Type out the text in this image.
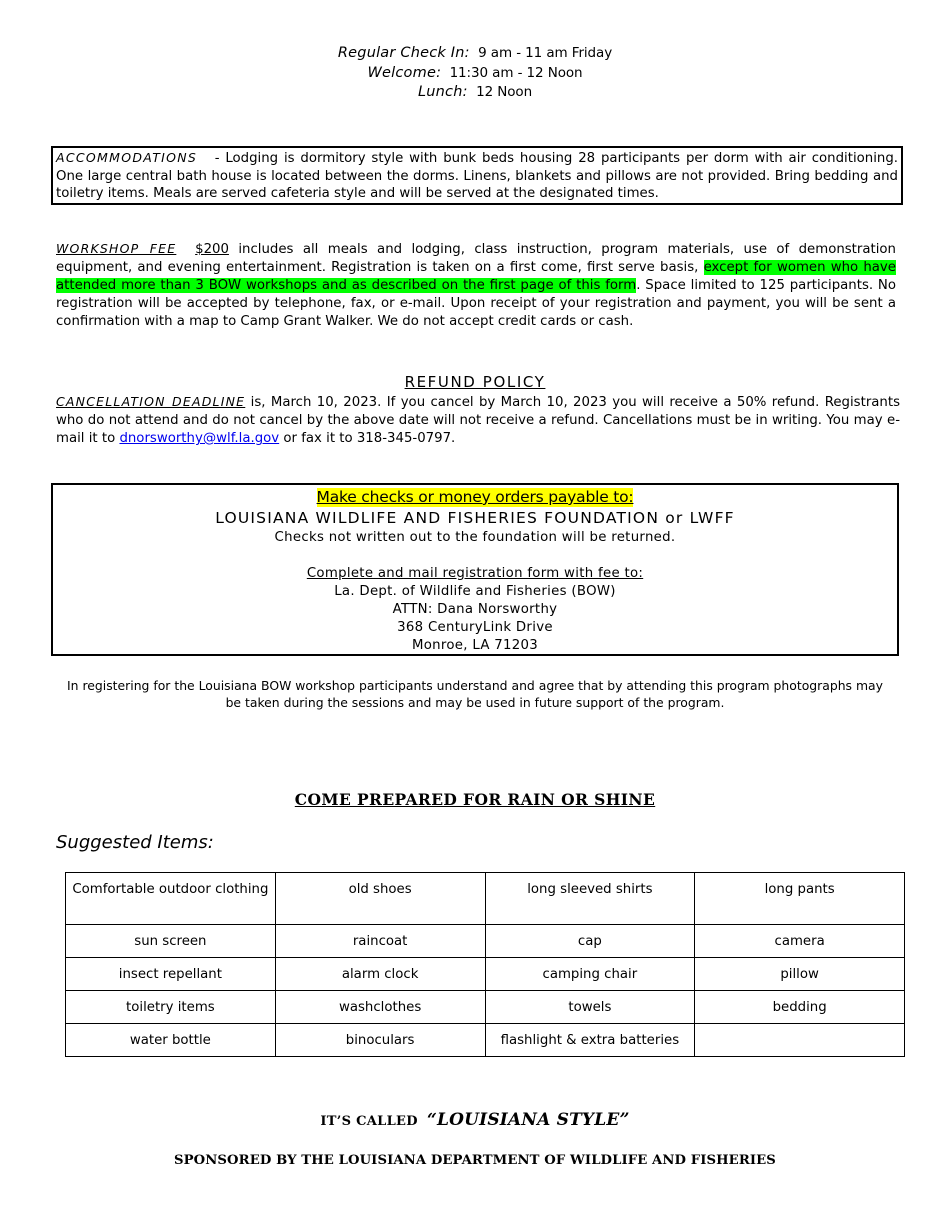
Regular Check In: 9 am - 11 am Friday
Welcome: 11:30 am - 12 Noon
Lunch: 12 Noon
ACCOMMODATIONS - Lodging is dormitory style with bunk beds housing 28 participants per dorm with air conditioning. One large central bath house is located between the dorms. Linens, blankets and pillows are not provided. Bring bedding and toiletry items. Meals are served cafeteria style and will be served at the designated times.
WORKSHOP FEE $200 includes all meals and lodging, class instruction, program materials, use of demonstration equipment, and evening entertainment. Registration is taken on a first come, first serve basis, except for women who have attended more than 3 BOW workshops and as described on the first page of this form. Space limited to 125 participants. No registration will be accepted by telephone, fax, or e-mail. Upon receipt of your registration and payment, you will be sent a confirmation with a map to Camp Grant Walker. We do not accept credit cards or cash.
REFUND POLICY
CANCELLATION DEADLINE is, March 10, 2023. If you cancel by March 10, 2023 you will receive a 50% refund. Registrants who do not attend and do not cancel by the above date will not receive a refund. Cancellations must be in writing. You may e-mail it to dnorsworthy@wlf.la.gov or fax it to 318-345-0797.
Make checks or money orders payable to:
LOUISIANA WILDLIFE AND FISHERIES FOUNDATION or LWFF
Checks not written out to the foundation will be returned.
Complete and mail registration form with fee to:
La. Dept. of Wildlife and Fisheries (BOW)
ATTN: Dana Norsworthy
368 CenturyLink Drive
Monroe, LA 71203
In registering for the Louisiana BOW workshop participants understand and agree that by attending this program photographs may be taken during the sessions and may be used in future support of the program.
COME PREPARED FOR RAIN OR SHINE
Suggested Items:
Comfortable outdoor clothing	old shoes	long sleeved shirts	long pants
sun screen	raincoat	cap	camera
insect repellant	alarm clock	camping chair	pillow
toiletry items	washclothes	towels	bedding
water bottle	binoculars	flashlight & extra batteries	
IT’S CALLED “LOUISIANA STYLE”
SPONSORED BY THE LOUISIANA DEPARTMENT OF WILDLIFE AND FISHERIES
